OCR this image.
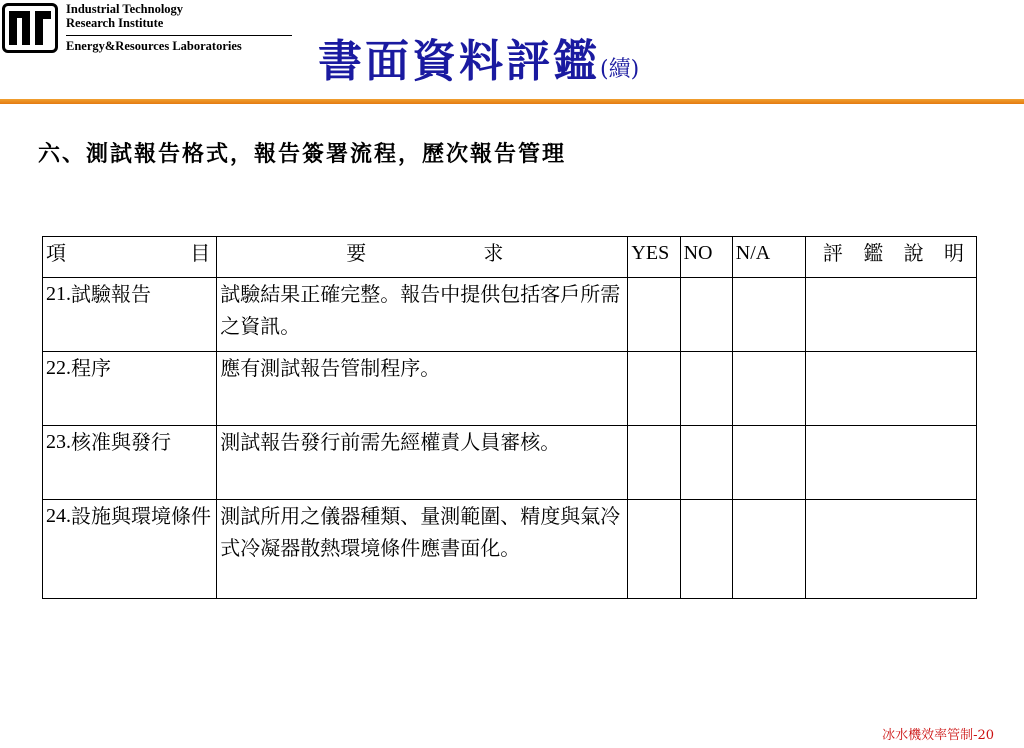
Industrial Technology
Research Institute
Energy&Resources Laboratories	書面資料評鑑(續)
六、測試報告格式，報告簽署流程，歷次報告管理
項 目	要 求	YES	NO	N/A	評 鑑 說 明

21. 試驗報告	試驗結果正確完整。報告中提供包括客戶所需之資訊。				

22. 程序	應有測試報告管制程序。				

23. 核准與發行	測試報告發行前需先經權責人員審核。				

24. 設施與環境條件	測試所用之儀器種類、量測範圍、精度與氣冷式冷凝器散熱環境條件應書面化。				
冰水機效率管制-20
